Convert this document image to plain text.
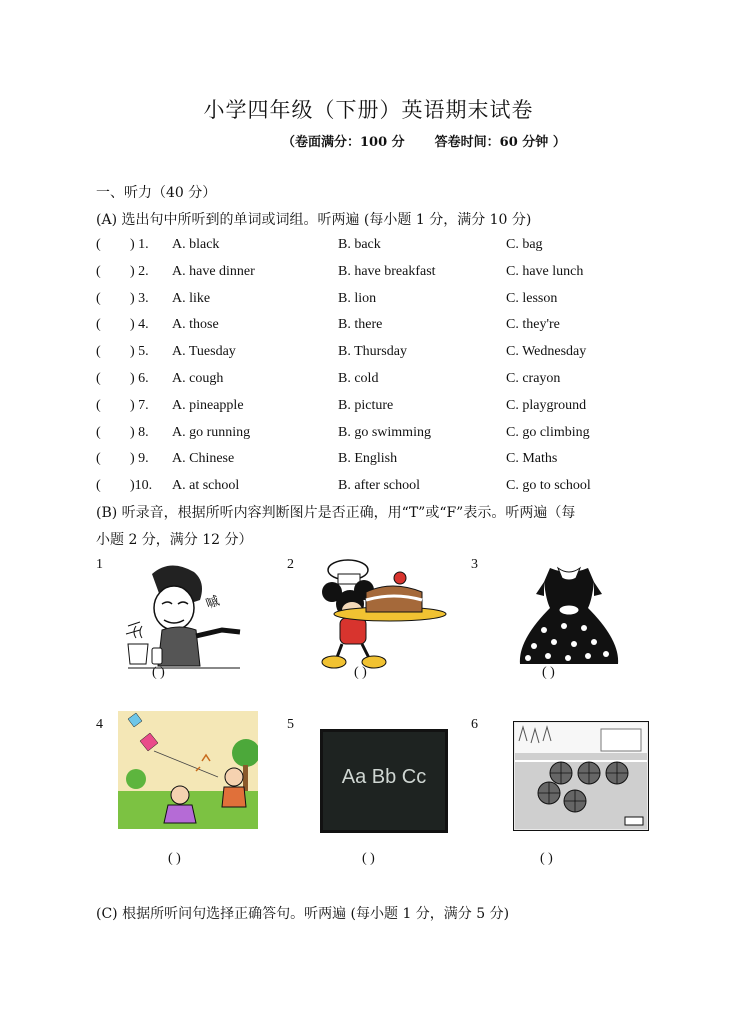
小学四年级（下册）英语期末试卷
（卷面满分：100 分 答卷时间：60 分钟 ）
一、听力（40 分）
(A) 选出句中所听到的单词或词组。听两遍 (每小题 1 分，满分 10 分)
( ) 1. A. black	B. back	C. bag
( ) 2. A. have dinner	B. have breakfast	C. have lunch
( ) 3. A. like	B. lion	C. lesson
( ) 4. A. those	B. there	C. they're
( ) 5. A. Tuesday	B. Thursday	C. Wednesday
( ) 6. A. cough	B. cold	C. crayon
( ) 7. A. pineapple	B. picture	C. playground
( ) 8. A. go running	B. go swimming	C. go climbing
( ) 9. A. Chinese	B. English	C. Maths
( )10. A. at school	B. after school	C. go to school
(B) 听录音，根据所听内容判断图片是否正确，用“T”或“F”表示。听两遍（每
小题 2 分，满分 12 分）
1
嘁
( )
2
( )
3
( )
4
( )
5
Aa Bb Cc
( )
6
( )
(C) 根据所听问句选择正确答句。听两遍 (每小题 1 分，满分 5 分)
